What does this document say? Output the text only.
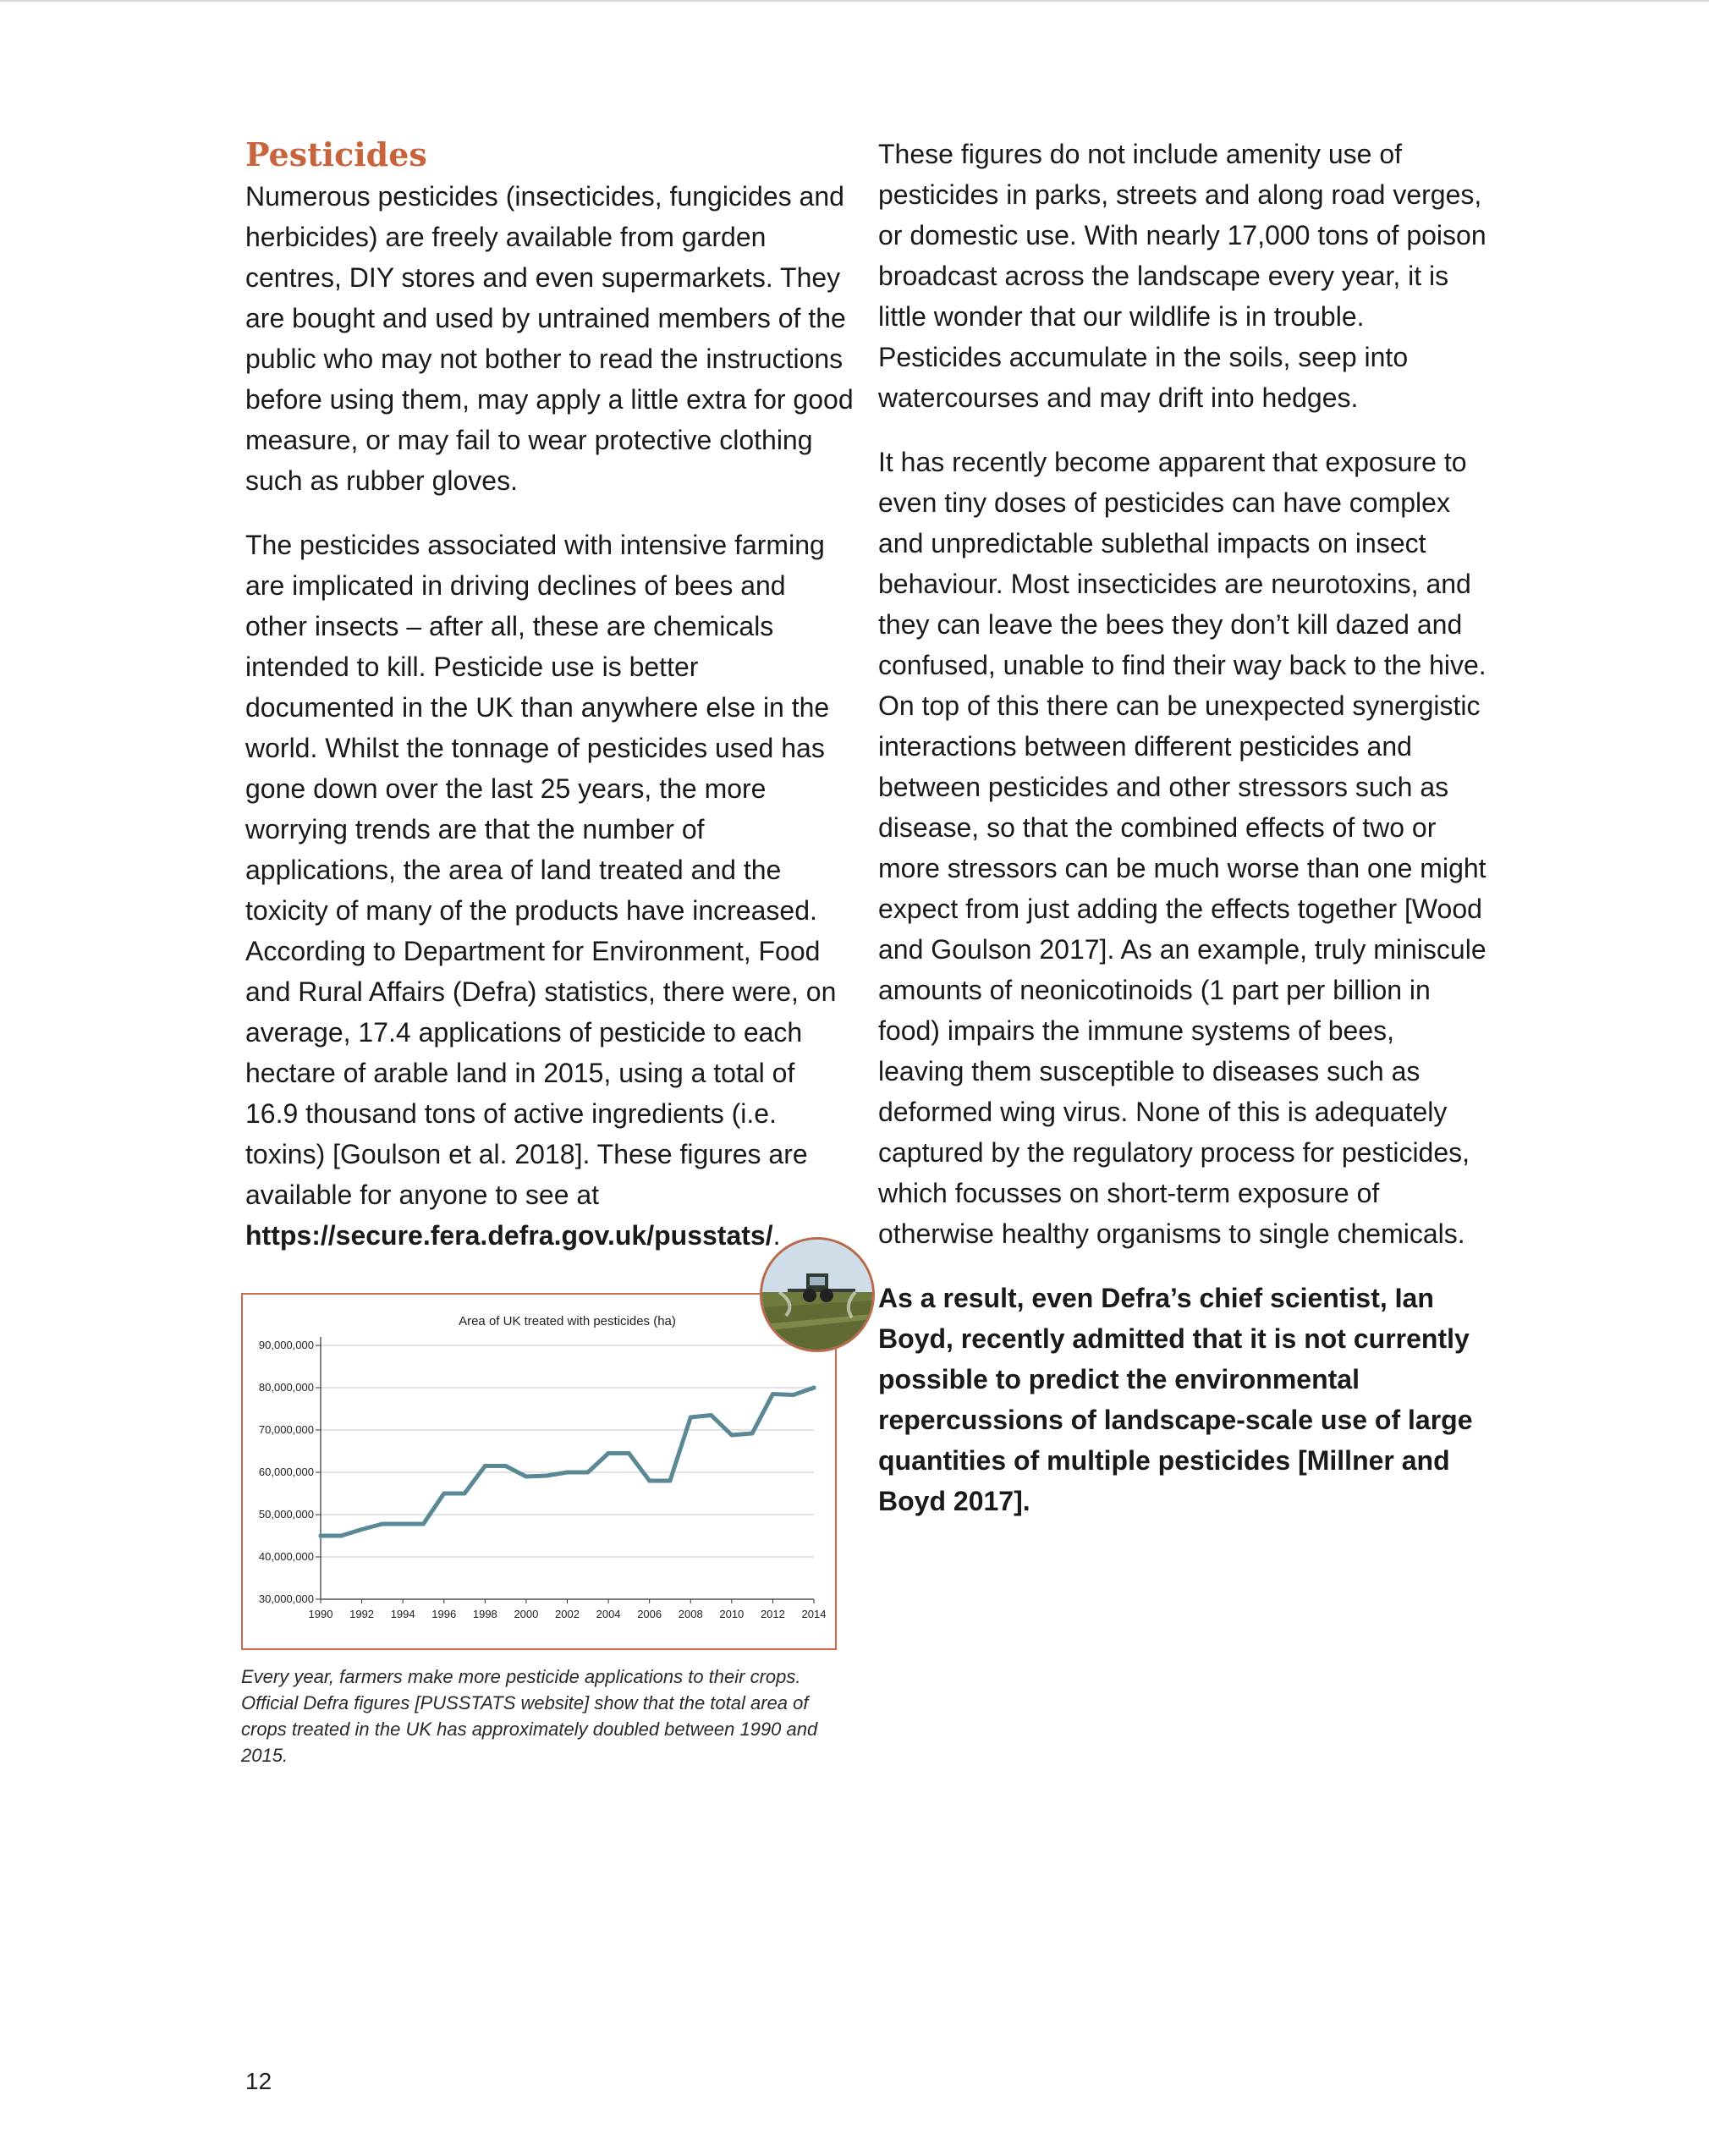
Pesticides

Numerous pesticides (insecticides, fungicides and herbicides) are freely available from garden centres, DIY stores and even supermarkets. They are bought and used by untrained members of the public who may not bother to read the instructions before using them, may apply a little extra for good measure, or may fail to wear protective clothing such as rubber gloves.

The pesticides associated with intensive farming are implicated in driving declines of bees and other insects – after all, these are chemicals intended to kill. Pesticide use is better documented in the UK than anywhere else in the world. Whilst the tonnage of pesticides used has gone down over the last 25 years, the more worrying trends are that the number of applications, the area of land treated and the toxicity of many of the products have increased. According to Department for Environment, Food and Rural Affairs (Defra) statistics, there were, on average, 17.4 applications of pesticide to each hectare of arable land in 2015, using a total of 16.9 thousand tons of active ingredients (i.e. toxins) [Goulson et al. 2018]. These figures are available for anyone to see at https://secure.fera.defra.gov.uk/pusstats/.

These figures do not include amenity use of pesticides in parks, streets and along road verges, or domestic use. With nearly 17,000 tons of poison broadcast across the landscape every year, it is little wonder that our wildlife is in trouble. Pesticides accumulate in the soils, seep into watercourses and may drift into hedges.

It has recently become apparent that exposure to even tiny doses of pesticides can have complex and unpredictable sublethal impacts on insect behaviour. Most insecticides are neurotoxins, and they can leave the bees they don’t kill dazed and confused, unable to find their way back to the hive. On top of this there can be unexpected synergistic interactions between different pesticides and between pesticides and other stressors such as disease, so that the combined effects of two or more stressors can be much worse than one might expect from just adding the effects together [Wood and Goulson 2017]. As an example, truly miniscule amounts of neonicotinoids (1 part per billion in food) impairs the immune systems of bees, leaving them susceptible to diseases such as deformed wing virus. None of this is adequately captured by the regulatory process for pesticides, which focusses on short-term exposure of otherwise healthy organisms to single chemicals.

As a result, even Defra’s chief scientist, Ian Boyd, recently admitted that it is not currently possible to predict the environmental repercussions of landscape-scale use of large quantities of multiple pesticides [Millner and Boyd 2017].

Area of UK treated with pesticides (ha)
30,000,000
40,000,000
50,000,000
60,000,000
70,000,000
80,000,000
90,000,000
1990 1992 1994 1996 1998 2000 2002 2004 2006 2008 2010 2012 2014
Every year, farmers make more pesticide applications to their crops. Official Defra figures [PUSSTATS website] show that the total area of crops treated in the UK has approximately doubled between 1990 and 2015.
12
